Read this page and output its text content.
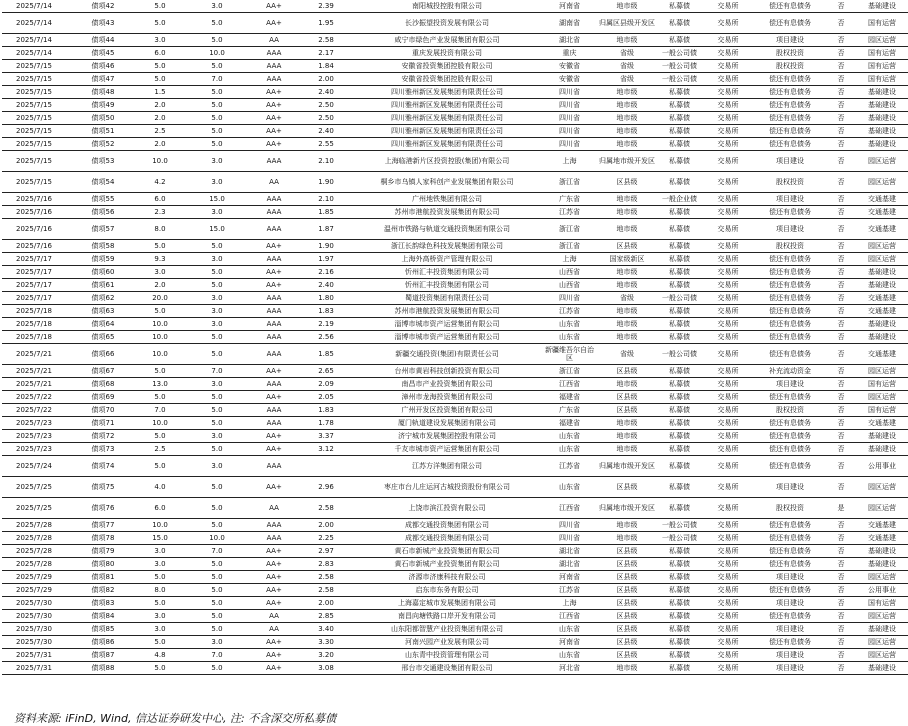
2025/7/14	债项42	5.0	3.0	AA+	2.39	南阳城投控股有限公司	河南省	地市级	私募债	交易所	偿还有息债务	否	基础建设
2025/7/14	债项43	5.0	5.0	AA+	1.95	长沙振望投资发展有限公司	湖南省	归属区县级开发区	私募债	交易所	偿还有息债务	否	国有运营
2025/7/14	债项44	3.0	5.0	AA	2.58	咸宁市绿色产业发展集团有限公司	湖北省	地市级	私募债	交易所	项目建设	否	园区运营
2025/7/14	债项45	6.0	10.0	AAA	2.17	重庆发展投资有限公司	重庆	省级	一般公司债	交易所	股权投资	否	国有运营
2025/7/15	债项46	5.0	5.0	AAA	1.84	安徽省投资集团控股有限公司	安徽省	省级	一般公司债	交易所	股权投资	否	国有运营
2025/7/15	债项47	5.0	7.0	AAA	2.00	安徽省投资集团控股有限公司	安徽省	省级	一般公司债	交易所	偿还有息债务	否	国有运营
2025/7/15	债项48	1.5	5.0	AA+	2.40	四川雅州新区发展集团有限责任公司	四川省	地市级	私募债	交易所	偿还有息债务	否	基础建设
2025/7/15	债项49	2.0	5.0	AA+	2.50	四川雅州新区发展集团有限责任公司	四川省	地市级	私募债	交易所	偿还有息债务	否	基础建设
2025/7/15	债项50	2.0	5.0	AA+	2.50	四川雅州新区发展集团有限责任公司	四川省	地市级	私募债	交易所	偿还有息债务	否	基础建设
2025/7/15	债项51	2.5	5.0	AA+	2.40	四川雅州新区发展集团有限责任公司	四川省	地市级	私募债	交易所	偿还有息债务	否	基础建设
2025/7/15	债项52	2.0	5.0	AA+	2.55	四川雅州新区发展集团有限责任公司	四川省	地市级	私募债	交易所	偿还有息债务	否	基础建设
2025/7/15	债项53	10.0	3.0	AAA	2.10	上海临港新片区投资控股(集团)有限公司	上海	归属地市级开发区	私募债	交易所	项目建设	否	园区运营
2025/7/15	债项54	4.2	3.0	AA	1.90	桐乡市乌镇人家科创产业发展集团有限公司	浙江省	区县级	私募债	交易所	股权投资	否	园区运营
2025/7/16	债项55	6.0	15.0	AAA	2.10	广州地铁集团有限公司	广东省	地市级	一般企业债	交易所	项目建设	否	交通基建
2025/7/16	债项56	2.3	3.0	AAA	1.85	苏州市港航投资发展集团有限公司	江苏省	地市级	私募债	交易所	偿还有息债务	否	交通基建
2025/7/16	债项57	8.0	15.0	AAA	1.87	温州市铁路与轨道交通投资集团有限公司	浙江省	地市级	私募债	交易所	项目建设	否	交通基建
2025/7/16	债项58	5.0	5.0	AA+	1.90	浙江长韵绿色科技发展集团有限公司	浙江省	区县级	私募债	交易所	股权投资	否	园区运营
2025/7/17	债项59	9.3	3.0	AAA	1.97	上海外高桥资产管理有限公司	上海	国家级新区	私募债	交易所	偿还有息债务	否	园区运营
2025/7/17	债项60	3.0	5.0	AA+	2.16	忻州汇丰投资集团有限公司	山西省	地市级	私募债	交易所	偿还有息债务	否	基础建设
2025/7/17	债项61	2.0	5.0	AA+	2.40	忻州汇丰投资集团有限公司	山西省	地市级	私募债	交易所	偿还有息债务	否	基础建设
2025/7/17	债项62	20.0	3.0	AAA	1.80	蜀道投资集团有限责任公司	四川省	省级	一般公司债	交易所	偿还有息债务	否	交通基建
2025/7/18	债项63	5.0	3.0	AAA	1.83	苏州市港航投资发展集团有限公司	江苏省	地市级	私募债	交易所	偿还有息债务	否	交通基建
2025/7/18	债项64	10.0	3.0	AAA	2.19	淄博市城市资产运营集团有限公司	山东省	地市级	私募债	交易所	偿还有息债务	否	基础建设
2025/7/18	债项65	10.0	5.0	AAA	2.56	淄博市城市资产运营集团有限公司	山东省	地市级	私募债	交易所	偿还有息债务	否	基础建设
2025/7/21	债项66	10.0	5.0	AAA	1.85	新疆交通投资(集团)有限责任公司	新疆维吾尔自治区	省级	一般公司债	交易所	偿还有息债务	否	交通基建
2025/7/21	债项67	5.0	7.0	AA+	2.65	台州市黄岩科技创新投资有限公司	浙江省	区县级	私募债	交易所	补充流动资金	否	园区运营
2025/7/21	债项68	13.0	3.0	AAA	2.09	南昌市产业投资集团有限公司	江西省	地市级	私募债	交易所	项目建设	否	国有运营
2025/7/22	债项69	5.0	5.0	AA+	2.05	漳州市龙海投资集团有限公司	福建省	区县级	私募债	交易所	偿还有息债务	否	园区运营
2025/7/22	债项70	7.0	5.0	AAA	1.83	广州开发区投资集团有限公司	广东省	区县级	私募债	交易所	股权投资	否	国有运营
2025/7/23	债项71	10.0	5.0	AAA	1.78	厦门轨道建设发展集团有限公司	福建省	地市级	私募债	交易所	偿还有息债务	否	交通基建
2025/7/23	债项72	5.0	3.0	AA+	3.37	济宁城市发展集团控股有限公司	山东省	地市级	私募债	交易所	偿还有息债务	否	基础建设
2025/7/23	债项73	2.5	5.0	AA+	3.12	千友市城市资产运营集团有限公司	山东省	地市级	私募债	交易所	偿还有息债务	否	基础建设
2025/7/24	债项74	5.0	3.0	AAA		江苏方洋集团有限公司	江苏省	归属地市级开发区	私募债	交易所	偿还有息债务	否	公用事业
2025/7/25	债项75	4.0	5.0	AA+	2.96	枣庄市台儿庄运河古城投资股份有限公司	山东省	区县级	私募债	交易所	项目建设	否	园区运营
2025/7/25	债项76	6.0	5.0	AA	2.58	上饶市滨江投资有限公司	江西省	归属地市级开发区	私募债	交易所	股权投资	是	园区运营
2025/7/28	债项77	10.0	5.0	AAA	2.00	成都交通投资集团有限公司	四川省	地市级	一般公司债	交易所	偿还有息债务	否	交通基建
2025/7/28	债项78	15.0	10.0	AAA	2.25	成都交通投资集团有限公司	四川省	地市级	一般公司债	交易所	偿还有息债务	否	交通基建
2025/7/28	债项79	3.0	7.0	AA+	2.97	黄石市新城产业投资集团有限公司	湖北省	区县级	私募债	交易所	偿还有息债务	否	基础建设
2025/7/28	债项80	3.0	5.0	AA+	2.83	黄石市新城产业投资集团有限公司	湖北省	区县级	私募债	交易所	偿还有息债务	否	基础建设
2025/7/29	债项81	5.0	5.0	AA+	2.58	济源市济康科技有限公司	河南省	区县级	私募债	交易所	项目建设	否	园区运营
2025/7/29	债项82	8.0	5.0	AA+	2.58	启东市东务有限公司	江苏省	区县级	私募债	交易所	偿还有息债务	否	公用事业
2025/7/30	债项83	5.0	5.0	AA+	2.00	上海嘉定城市发展集团有限公司	上海	区县级	私募债	交易所	项目建设	否	国有运营
2025/7/30	债项84	3.0	5.0	AA	2.85	南昌向塘铁路口岸开发有限公司	江西省	区县级	私募债	交易所	偿还有息债务	否	园区运营
2025/7/30	债项85	3.0	5.0	AA	3.40	山东阳都智慧产业投资集团有限公司	山东省	区县级	私募债	交易所	项目建设	否	基础建设
2025/7/30	债项86	5.0	3.0	AA+	3.30	河南兴园产业发展有限公司	河南省	区县级	私募债	交易所	偿还有息债务	否	园区运营
2025/7/31	债项87	4.8	7.0	AA+	3.20	山东青中投资管理有限公司	山东省	区县级	私募债	交易所	项目建设	否	园区运营
2025/7/31	债项88	5.0	5.0	AA+	3.08	邢台市交通建设集团有限公司	河北省	地市级	私募债	交易所	项目建设	否	基础建设
资料来源: iFinD, Wind, 信达证券研发中心, 注: 不含深交所私募债
